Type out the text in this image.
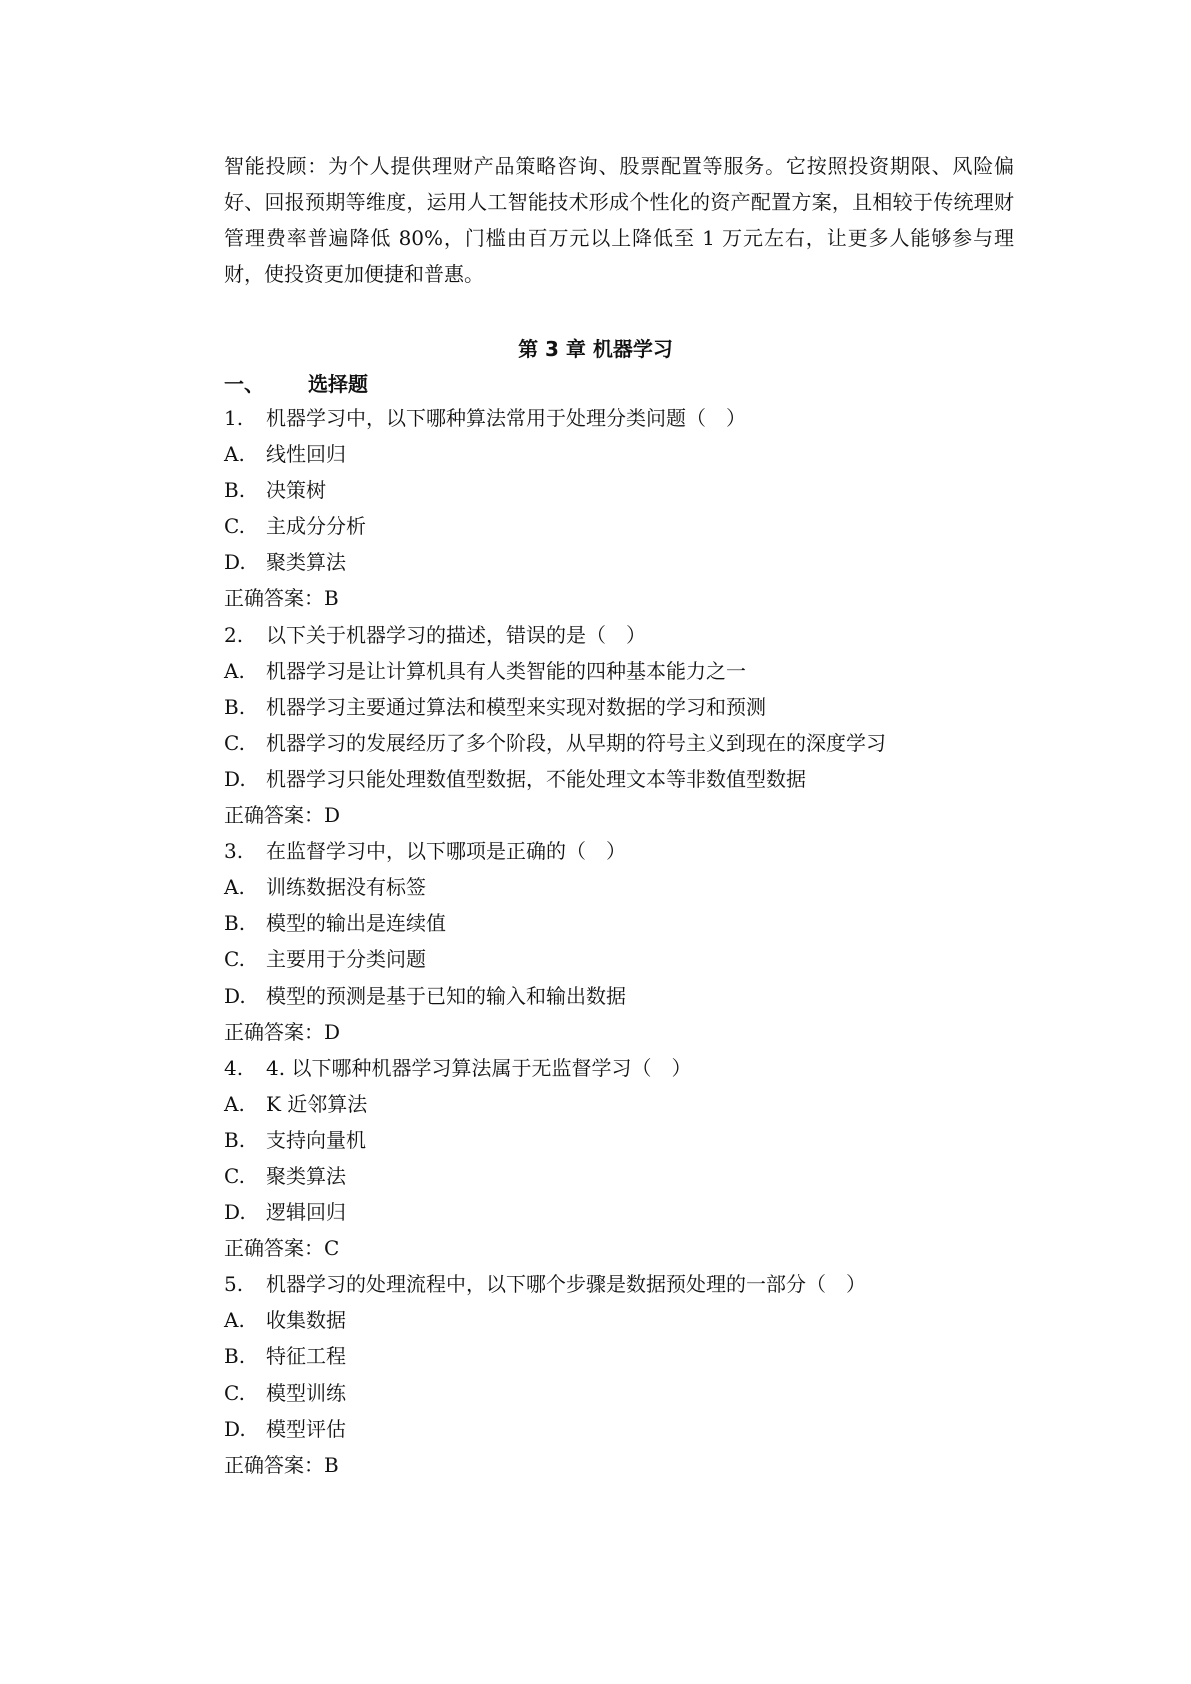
智能投顾：为个人提供理财产品策略咨询、股票配置等服务。它按照投资期限、风险偏好、回报预期等维度，运用人工智能技术形成个性化的资产配置方案，且相较于传统理财管理费率普遍降低 80%，门槛由百万元以上降低至 1 万元左右，让更多人能够参与理财，使投资更加便捷和普惠。

第 3 章 机器学习
一、 选择题
1. 机器学习中，以下哪种算法常用于处理分类问题（　）
A. 线性回归
B. 决策树
C. 主成分分析
D. 聚类算法
正确答案：B
2. 以下关于机器学习的描述，错误的是（　）
A. 机器学习是让计算机具有人类智能的四种基本能力之一
B. 机器学习主要通过算法和模型来实现对数据的学习和预测
C. 机器学习的发展经历了多个阶段，从早期的符号主义到现在的深度学习
D. 机器学习只能处理数值型数据，不能处理文本等非数值型数据
正确答案：D
3. 在监督学习中，以下哪项是正确的（　）
A. 训练数据没有标签
B. 模型的输出是连续值
C. 主要用于分类问题
D. 模型的预测是基于已知的输入和输出数据
正确答案：D
4. 4. 以下哪种机器学习算法属于无监督学习（　）
A. K 近邻算法
B. 支持向量机
C. 聚类算法
D. 逻辑回归
正确答案：C
5. 机器学习的处理流程中，以下哪个步骤是数据预处理的一部分（　）
A. 收集数据
B. 特征工程
C. 模型训练
D. 模型评估
正确答案：B
